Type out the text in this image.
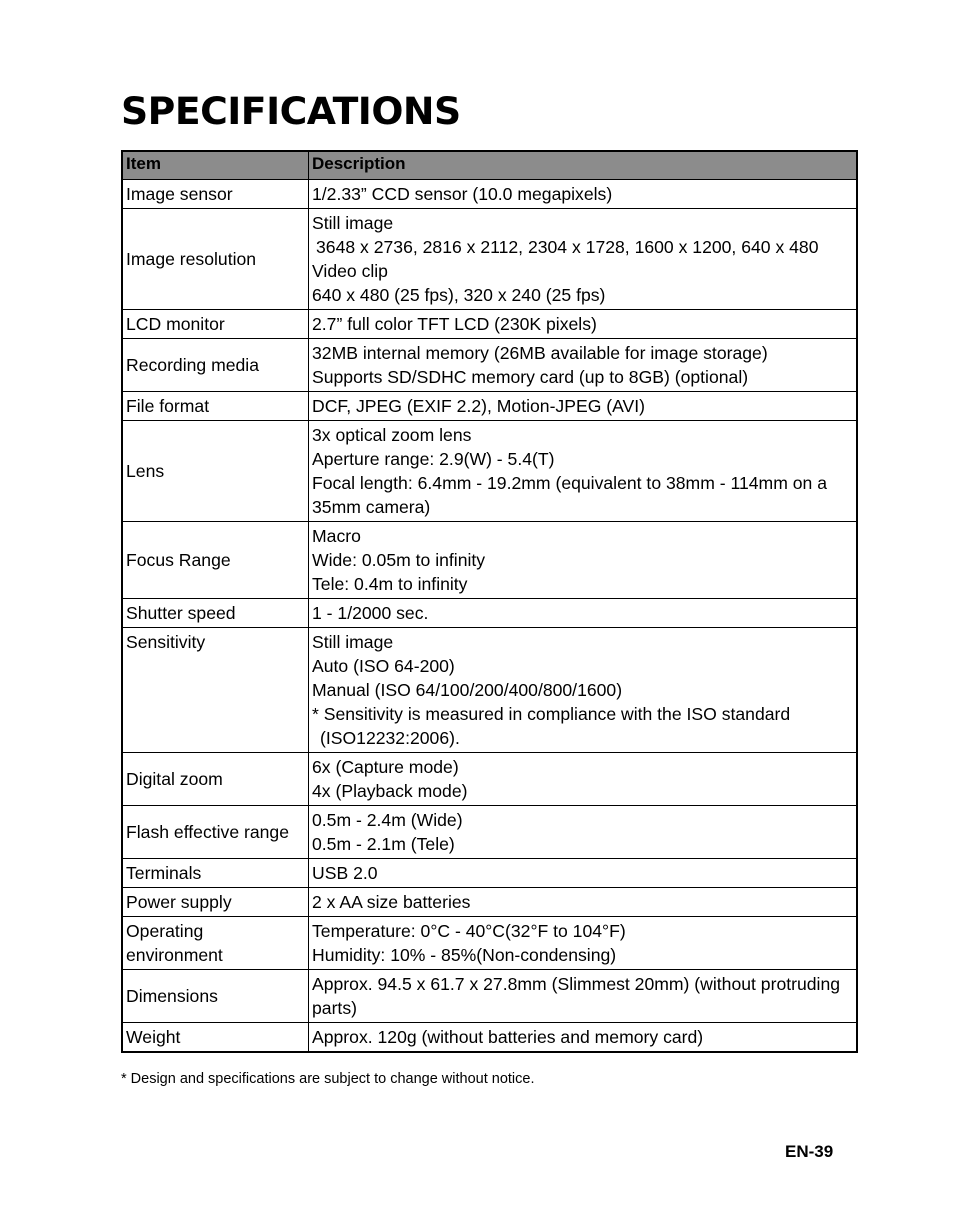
SPECIFICATIONS
Item	Description

Image sensor	1/2.33” CCD sensor (10.0 megapixels)

Image resolution	Still image
3648 x 2736, 2816 x 2112, 2304 x 1728, 1600 x 1200, 640 x 480
Video clip
640 x 480 (25 fps), 320 x 240 (25 fps)

LCD monitor	2.7” full color TFT LCD (230K pixels)

Recording media	32MB internal memory (26MB available for image storage)
Supports SD/SDHC memory card (up to 8GB) (optional)

File format	DCF, JPEG (EXIF 2.2), Motion-JPEG (AVI)

Lens	3x optical zoom lens
Aperture range: 2.9(W) - 5.4(T)
Focal length: 6.4mm - 19.2mm (equivalent to 38mm - 114mm on a 35mm camera)

Focus Range	Macro
Wide: 0.05m to infinity
Tele: 0.4m to infinity

Shutter speed	1 - 1/2000 sec.

Sensitivity	Still image
Auto (ISO 64-200)
Manual (ISO 64/100/200/400/800/1600)
* Sensitivity is measured in compliance with the ISO standard
(ISO12232:2006).

Digital zoom	6x (Capture mode)
4x (Playback mode)

Flash effective range	0.5m - 2.4m (Wide)
0.5m - 2.1m (Tele)

Terminals	USB 2.0

Power supply	2 x AA size batteries

Operating
environment	Temperature: 0°C - 40°C(32°F to 104°F)
Humidity: 10% - 85%(Non-condensing)

Dimensions	Approx. 94.5 x 61.7 x 27.8mm (Slimmest 20mm) (without protruding parts)

Weight	Approx. 120g (without batteries and memory card)
* Design and specifications are subject to change without notice.
EN-39
